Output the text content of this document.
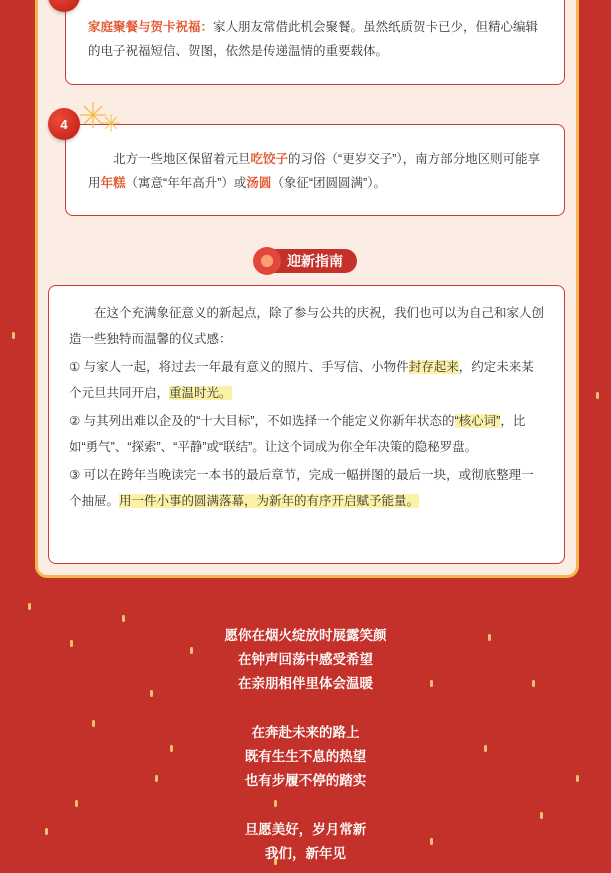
家庭聚餐与贺卡祝福：家人朋友常借此机会聚餐。虽然纸质贺卡已少，但精心编辑的电子祝福短信、贺图，依然是传递温情的重要载体。

北方一些地区保留着元旦吃饺子的习俗（“更岁交子”），南方部分地区则可能享用年糕（寓意“年年高升”）或汤圆（象征“团圆圆满”）。

4
迎新指南

在这个充满象征意义的新起点，除了参与公共的庆祝，我们也可以为自己和家人创造一些独特而温馨的仪式感：

① 与家人一起，将过去一年最有意义的照片、手写信、小物件封存起来，约定未来某个元旦共同开启，重温时光。

② 与其列出难以企及的“十大目标”，不如选择一个能定义你新年状态的“核心词”，比如“勇气”、“探索”、“平静”或“联结”。让这个词成为你全年决策的隐秘罗盘。

③ 可以在跨年当晚读完一本书的最后章节，完成一幅拼图的最后一块，或彻底整理一个抽屉。用一件小事的圆满落幕，为新年的有序开启赋予能量。

愿你在烟火绽放时展露笑颜
在钟声回荡中感受希望
在亲朋相伴里体会温暖
在奔赴未来的路上
既有生生不息的热望
也有步履不停的踏实
旦愿美好，岁月常新
我们，新年见
